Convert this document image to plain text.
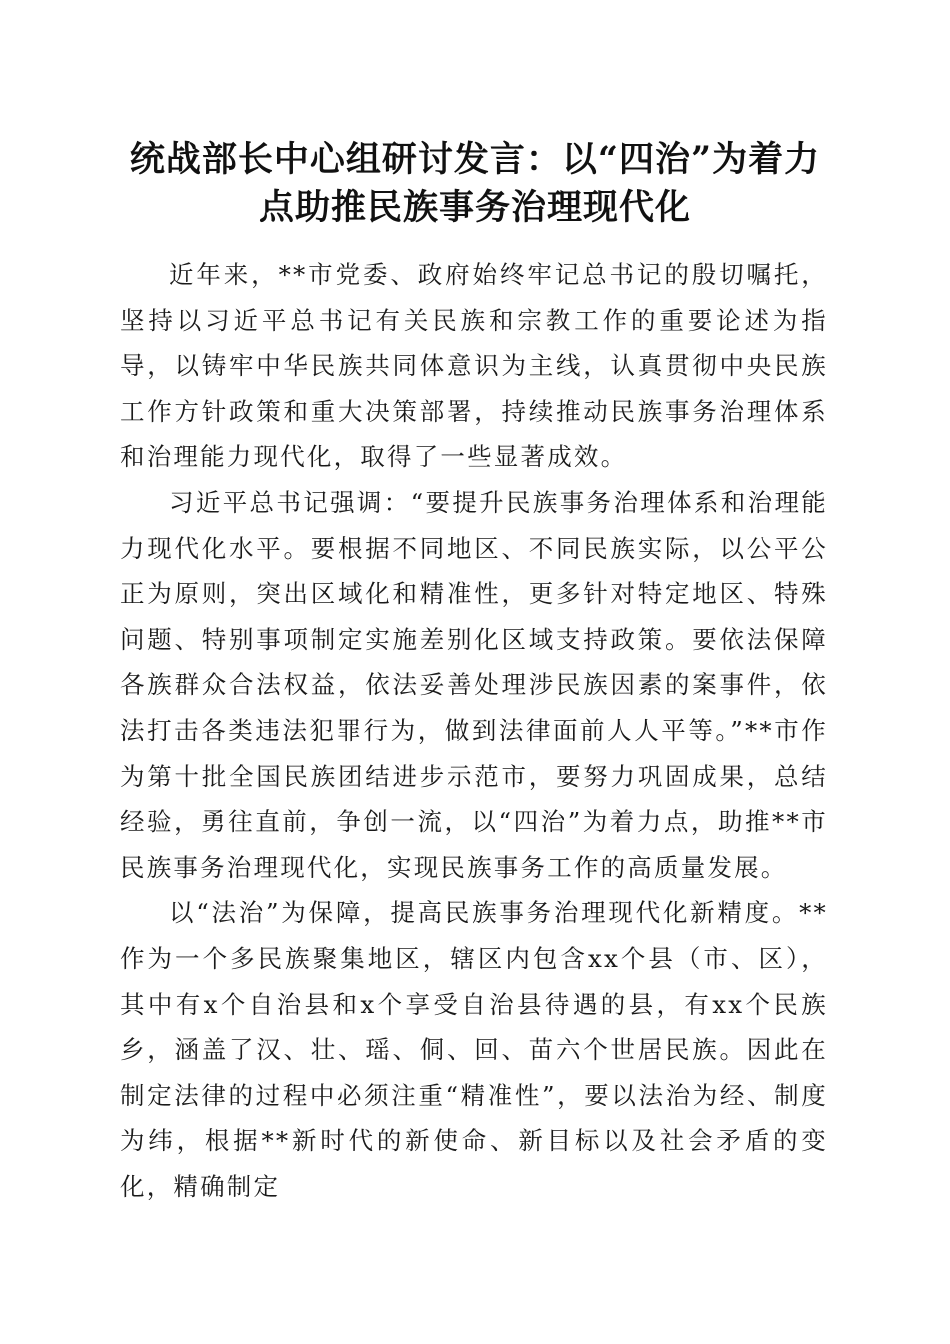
统战部长中心组研讨发言：以“四治”为着力
点助推民族事务治理现代化

近年来，**市党委、政府始终牢记总书记的殷切嘱托，坚持以习近平总书记有关民族和宗教工作的重要论述为指导，以铸牢中华民族共同体意识为主线，认真贯彻中央民族工作方针政策和重大决策部署，持续推动民族事务治理体系和治理能力现代化，取得了一些显著成效。

习近平总书记强调：“要提升民族事务治理体系和治理能力现代化水平。要根据不同地区、不同民族实际，以公平公正为原则，突出区域化和精准性，更多针对特定地区、特殊问题、特别事项制定实施差别化区域支持政策。要依法保障各族群众合法权益，依法妥善处理涉民族因素的案事件，依法打击各类违法犯罪行为，做到法律面前人人平等。”**市作为第十批全国民族团结进步示范市，要努力巩固成果，总结经验，勇往直前，争创一流，以“四治”为着力点，助推**市民族事务治理现代化，实现民族事务工作的高质量发展。

以“法治”为保障，提高民族事务治理现代化新精度。**作为一个多民族聚集地区，辖区内包含xx个县（市、区），其中有x个自治县和x个享受自治县待遇的县，有xx个民族乡，涵盖了汉、壮、瑶、侗、回、苗六个世居民族。因此在制定法律的过程中必须注重“精准性”，要以法治为经、制度为纬，根据**新时代的新使命、新目标以及社会矛盾的变化，精确制定
